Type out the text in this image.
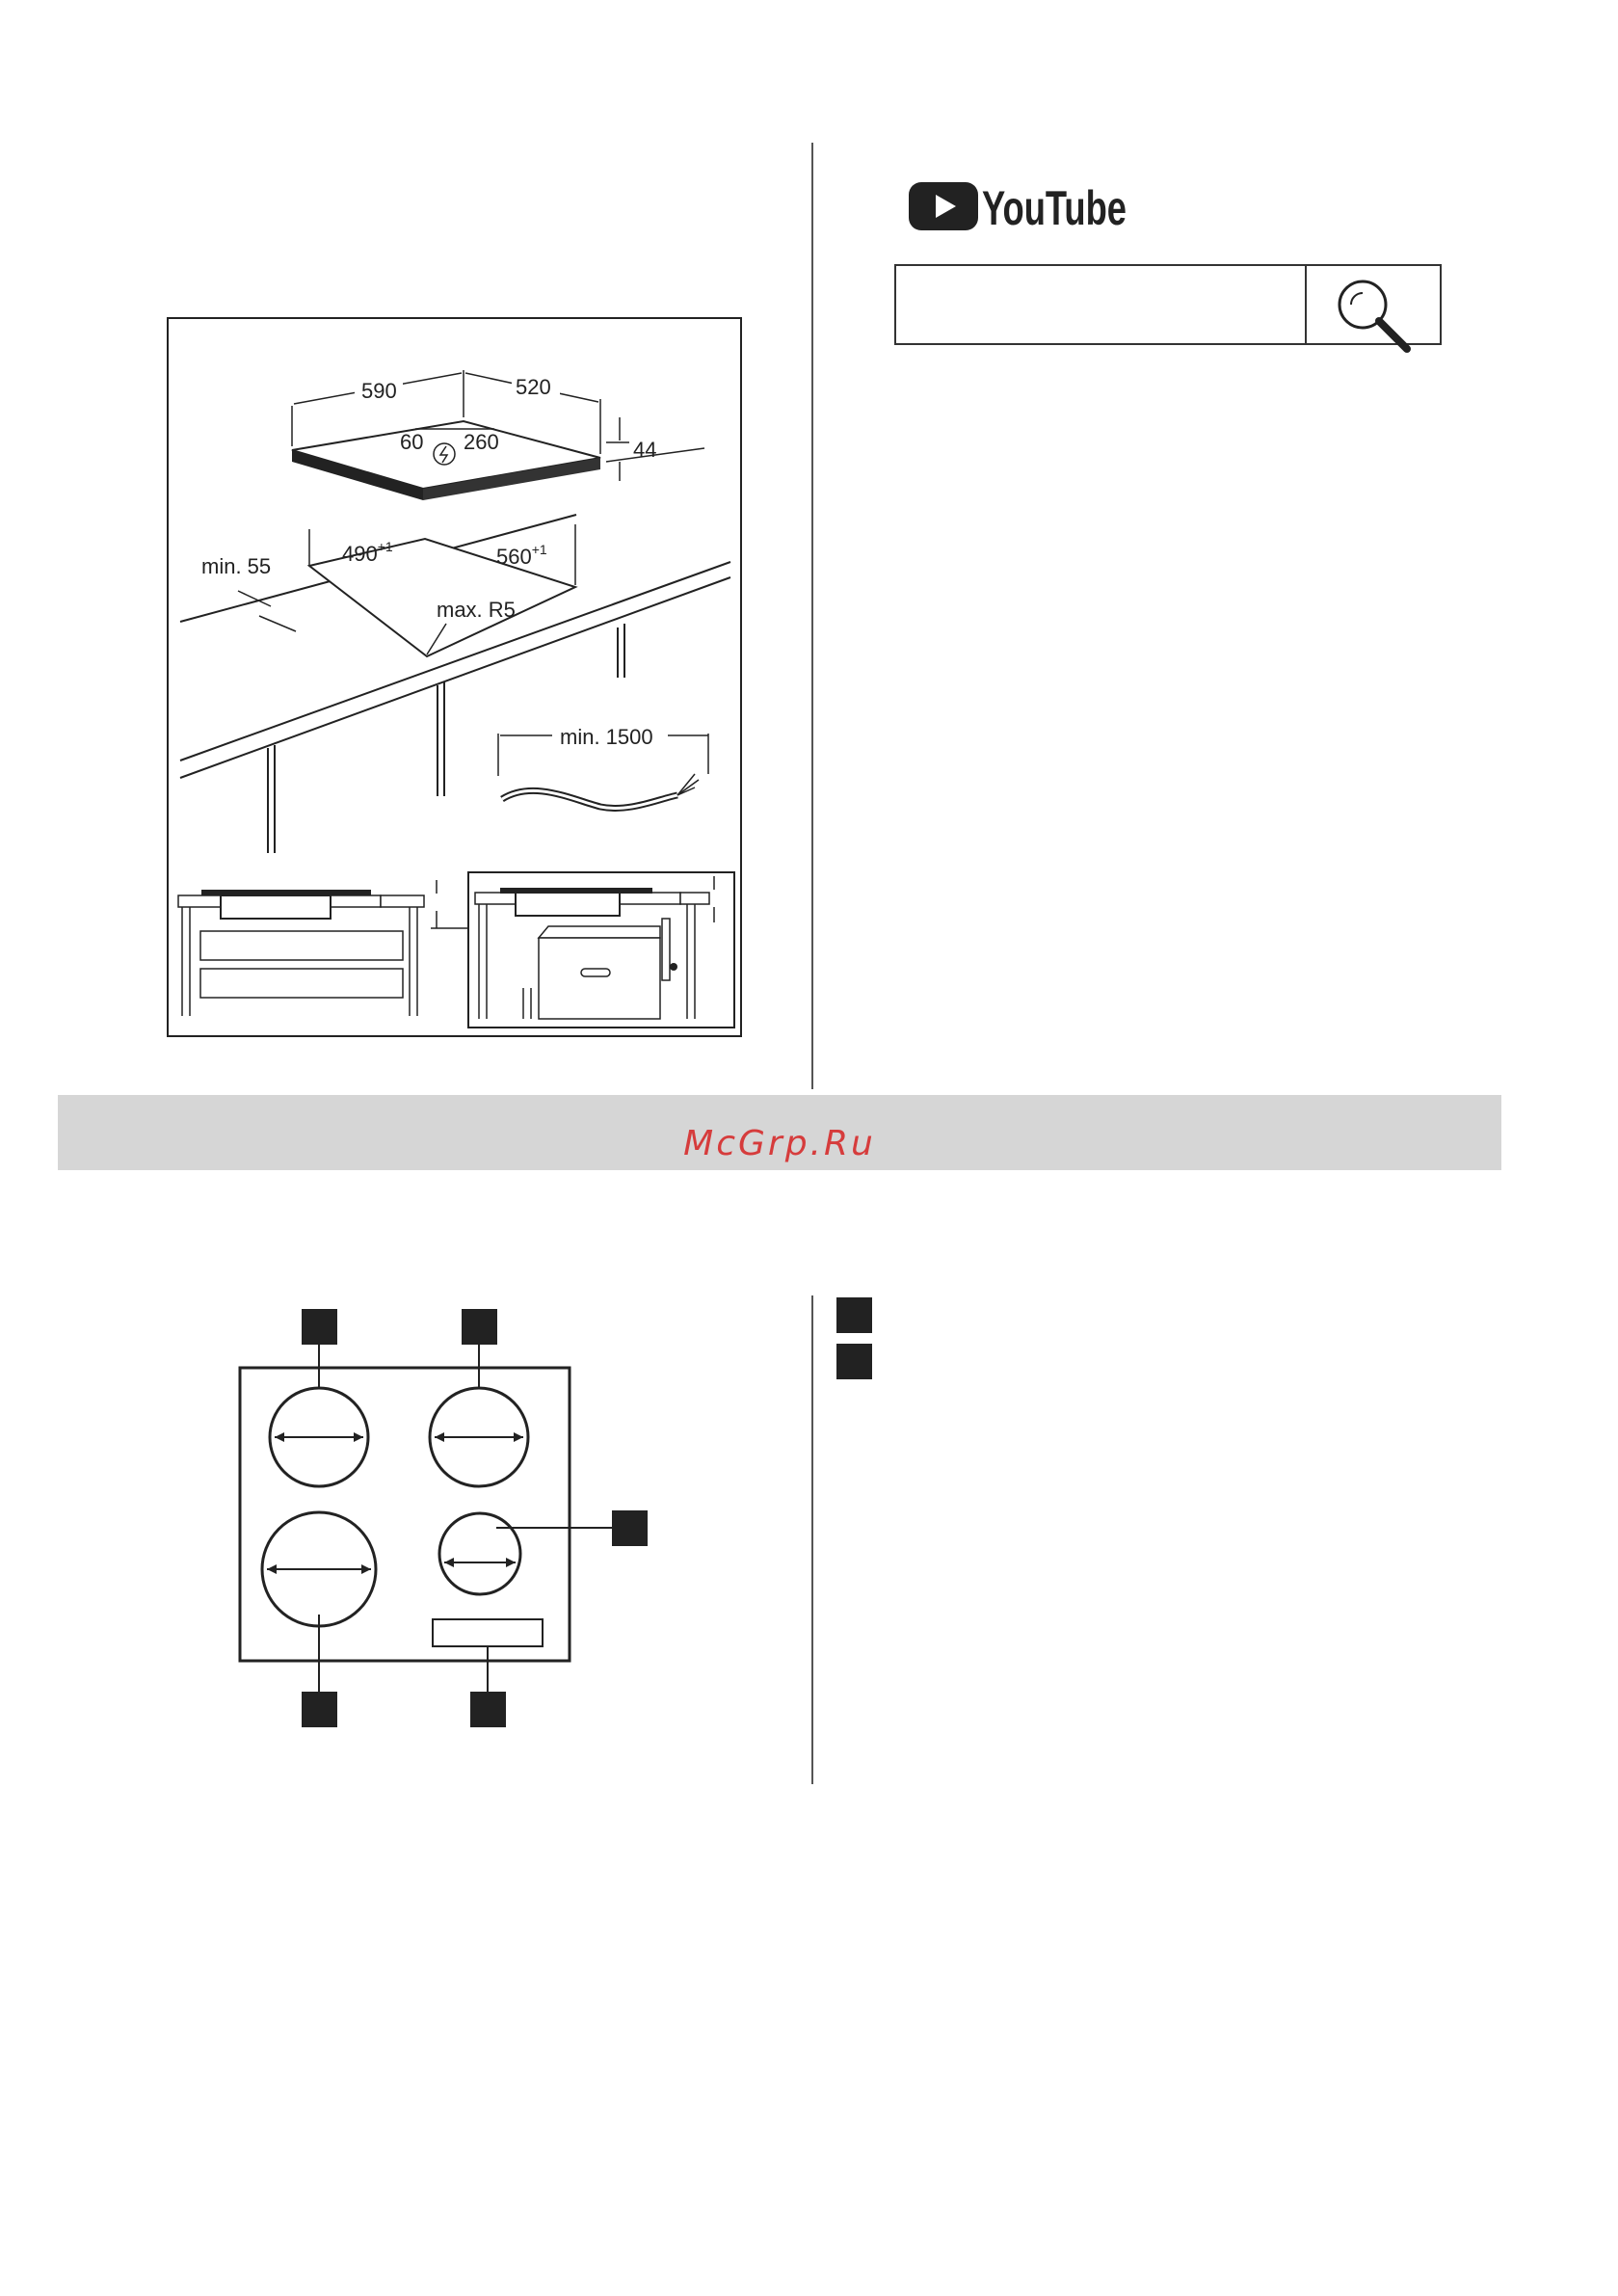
590	520
60 260	44
$490^{+1}$	$560^{+1}$
min. 55
max. R5
min. 1500
YouTube
McGrp.Ru
